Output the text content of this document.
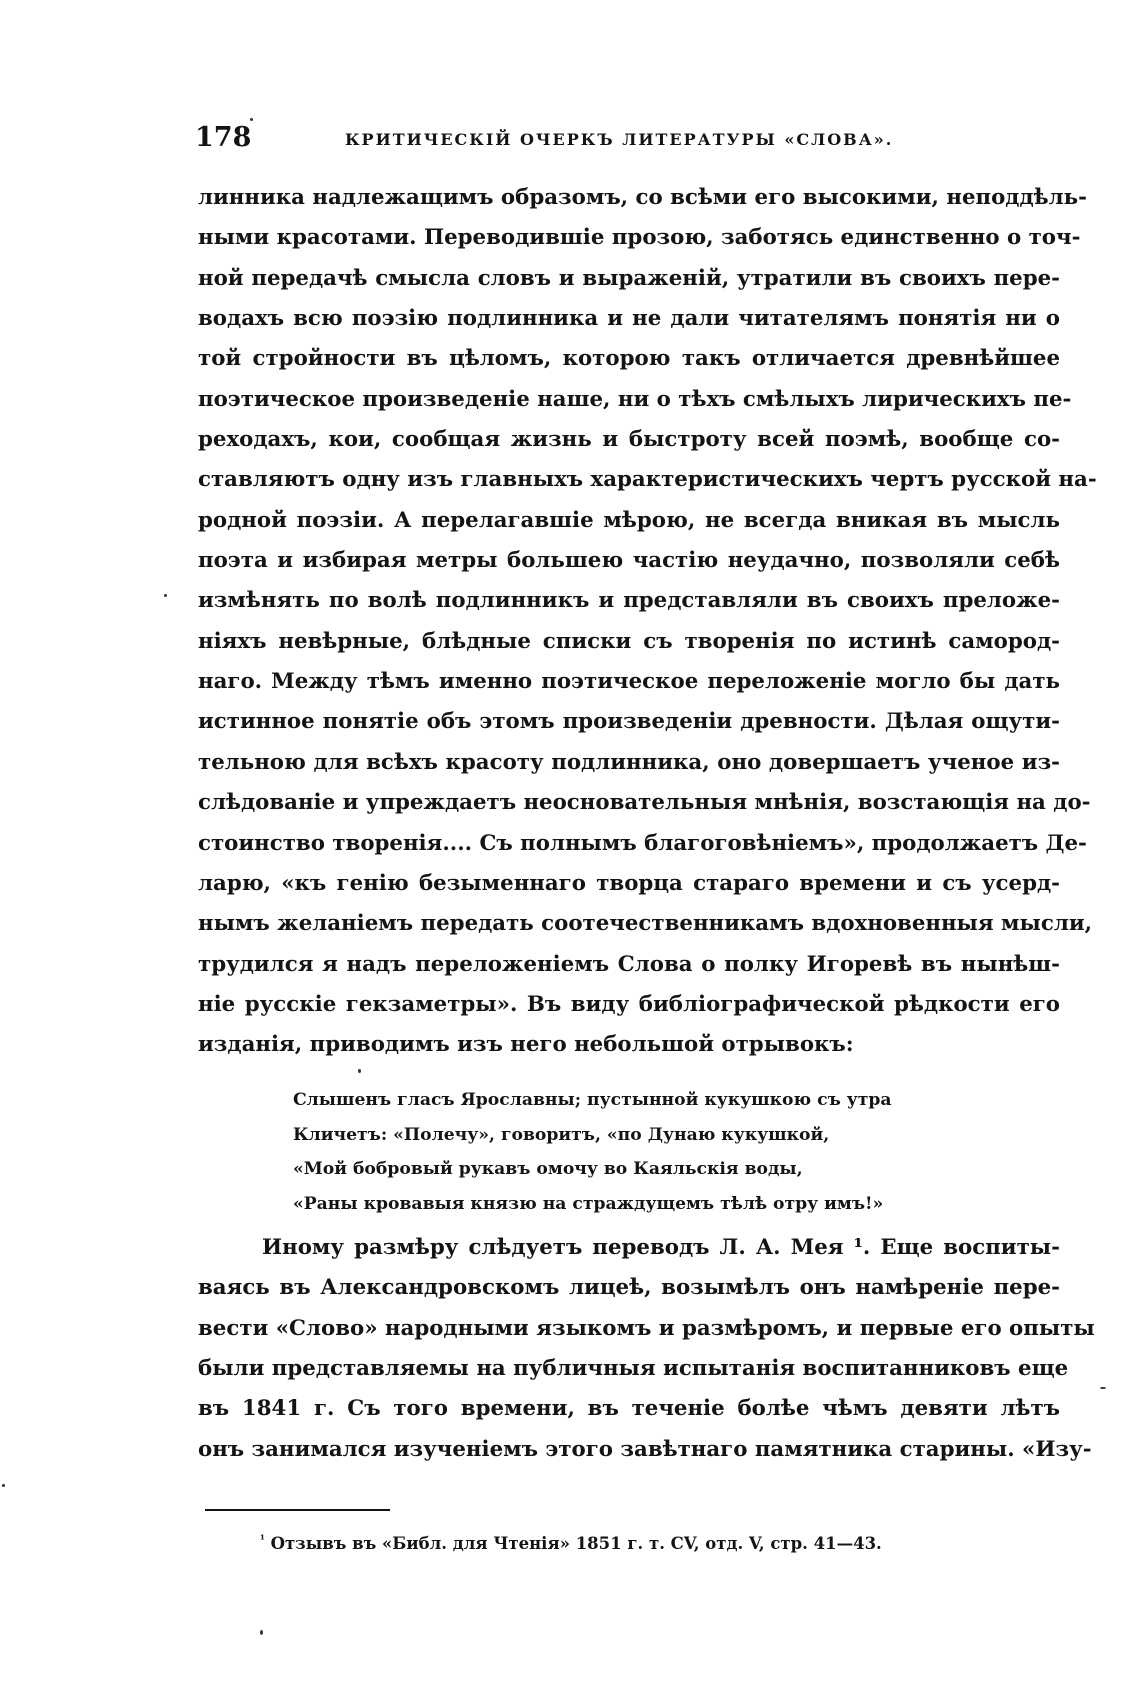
178	КРИТИЧЕСКІЙ ОЧЕРКЪ ЛИТЕРАТУРЫ «СЛОВА».
линника надлежащимъ образомъ, со всѣми его высокими, неподдѣль-
ными красотами. Переводившіе прозою, заботясь единственно о точ-
ной передачѣ смысла словъ и выраженій, утратили въ своихъ пере-
водахъ всю поэзію подлинника и не дали читателямъ понятія ни о
той стройности въ цѣломъ, которою такъ отличается древнѣйшее
поэтическое произведеніе наше, ни о тѣхъ смѣлыхъ лирическихъ пе-
реходахъ, кои, сообщая жизнь и быстроту всей поэмѣ, вообще со-
ставляютъ одну изъ главныхъ характеристическихъ чертъ русской на-
родной поэзіи. А перелагавшіе мѣрою, не всегда вникая въ мысль
поэта и избирая метры большею частію неудачно, позволяли себѣ
измѣнять по волѣ подлинникъ и представляли въ своихъ преложе-
ніяхъ невѣрные, блѣдные списки съ творенія по истинѣ самород-
наго. Между тѣмъ именно поэтическое переложеніе могло бы дать
истинное понятіе объ этомъ произведеніи древности. Дѣлая ощути-
тельною для всѣхъ красоту подлинника, оно довершаетъ ученое из-
слѣдованіе и упреждаетъ неосновательныя мнѣнія, возстающія на до-
стоинство творенія.... Съ полнымъ благоговѣніемъ», продолжаетъ Де-
ларю, «къ генію безыменнаго творца стараго времени и съ усерд-
нымъ желаніемъ передать соотечественникамъ вдохновенныя мысли,
трудился я надъ переложеніемъ Слова о полку Игоревѣ въ нынѣш-
ніе русскіе гекзаметры». Въ виду библіографической рѣдкости его
изданія, приводимъ изъ него небольшой отрывокъ:
Слышенъ гласъ Ярославны; пустынной кукушкою съ утра
Кличетъ: «Полечу», говоритъ, «по Дунаю кукушкой,
«Мой бобровый рукавъ омочу во Каяльскія воды,
«Раны кровавыя князю на страждущемъ тѣлѣ отру имъ!»
Иному размѣру слѣдуетъ переводъ Л. А. Мея ¹. Еще воспиты-
ваясь въ Александровскомъ лицеѣ, возымѣлъ онъ намѣреніе пере-
вести «Слово» народными языкомъ и размѣромъ, и первые его опыты
были представляемы на публичныя испытанія воспитанниковъ еще
въ 1841 г. Съ того времени, въ теченіе болѣе чѣмъ девяти лѣтъ
онъ занимался изученіемъ этого завѣтнаго памятника старины. «Изу-
$^{^1}$ Отзывъ въ «Библ. для Чтенія» 1851 г. т. CV, отд. V, стр. 41—43.
